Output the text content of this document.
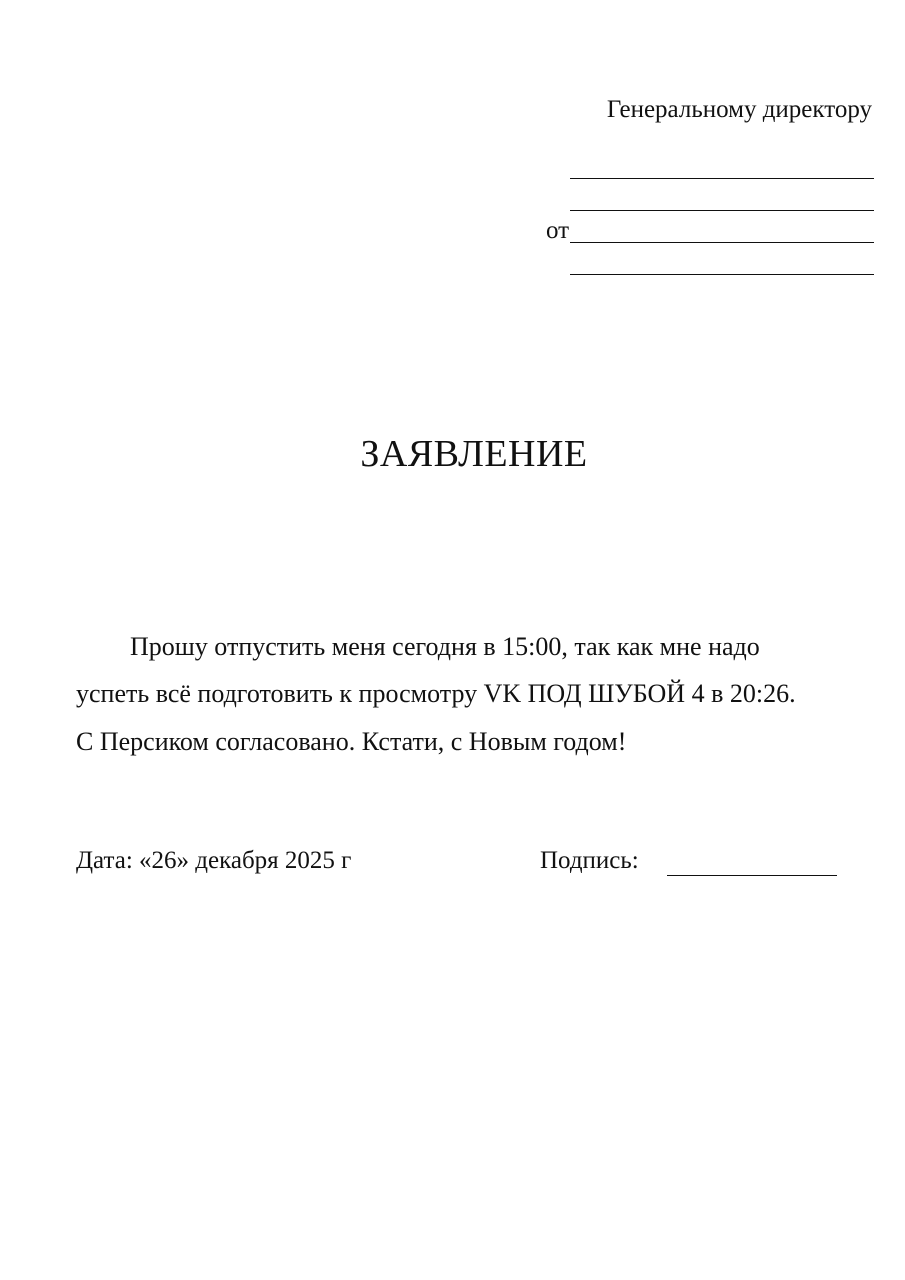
Генеральному директору
от
ЗАЯВЛЕНИЕ
Прошу отпустить меня сегодня в 15:00, так как мне надо
успеть всё подготовить к просмотру VK ПОД ШУБОЙ 4 в 20:26.
С Персиком согласовано. Кстати, с Новым годом!
Дата: «26» декабря 2025 г	Подпись:
